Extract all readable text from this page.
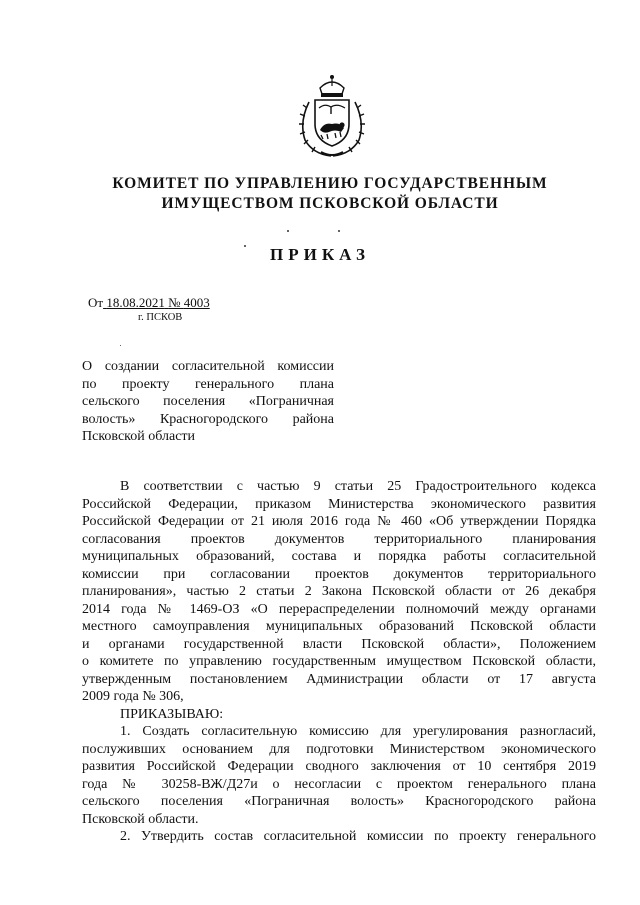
КОМИТЕТ ПО УПРАВЛЕНИЮ ГОСУДАРСТВЕННЫМ
ИМУЩЕСТВОМ ПСКОВСКОЙ ОБЛАСТИ
ПРИКАЗ
От 18.08.2021 № 4003
г. ПСКОВ
О создании согласительной комиссии
по проекту генерального плана
сельского поселения «Пограничная
волость» Красногородского района
Псковской области
В соответствии с частью 9 статьи 25 Градостроительного кодекса
Российской Федерации, приказом Министерства экономического развития
Российской Федерации от 21 июля 2016 года № 460 «Об утверждении Порядка
согласования проектов документов территориального планирования
муниципальных образований, состава и порядка работы согласительной
комиссии при согласовании проектов документов территориального
планирования», частью 2 статьи 2 Закона Псковской области от 26 декабря
2014 года № 1469-ОЗ «О перераспределении полномочий между органами
местного самоуправления муниципальных образований Псковской области
и органами государственной власти Псковской области», Положением
о комитете по управлению государственным имуществом Псковской области,
утвержденным постановлением Администрации области от 17 августа
2009 года № 306,
ПРИКАЗЫВАЮ:
1. Создать согласительную комиссию для урегулирования разногласий,
послуживших основанием для подготовки Министерством экономического
развития Российской Федерации сводного заключения от 10 сентября 2019
года № 30258-ВЖ/Д27и о несогласии с проектом генерального плана
сельского поселения «Пограничная волость» Красногородского района
Псковской области.
2. Утвердить состав согласительной комиссии по проекту генерального
